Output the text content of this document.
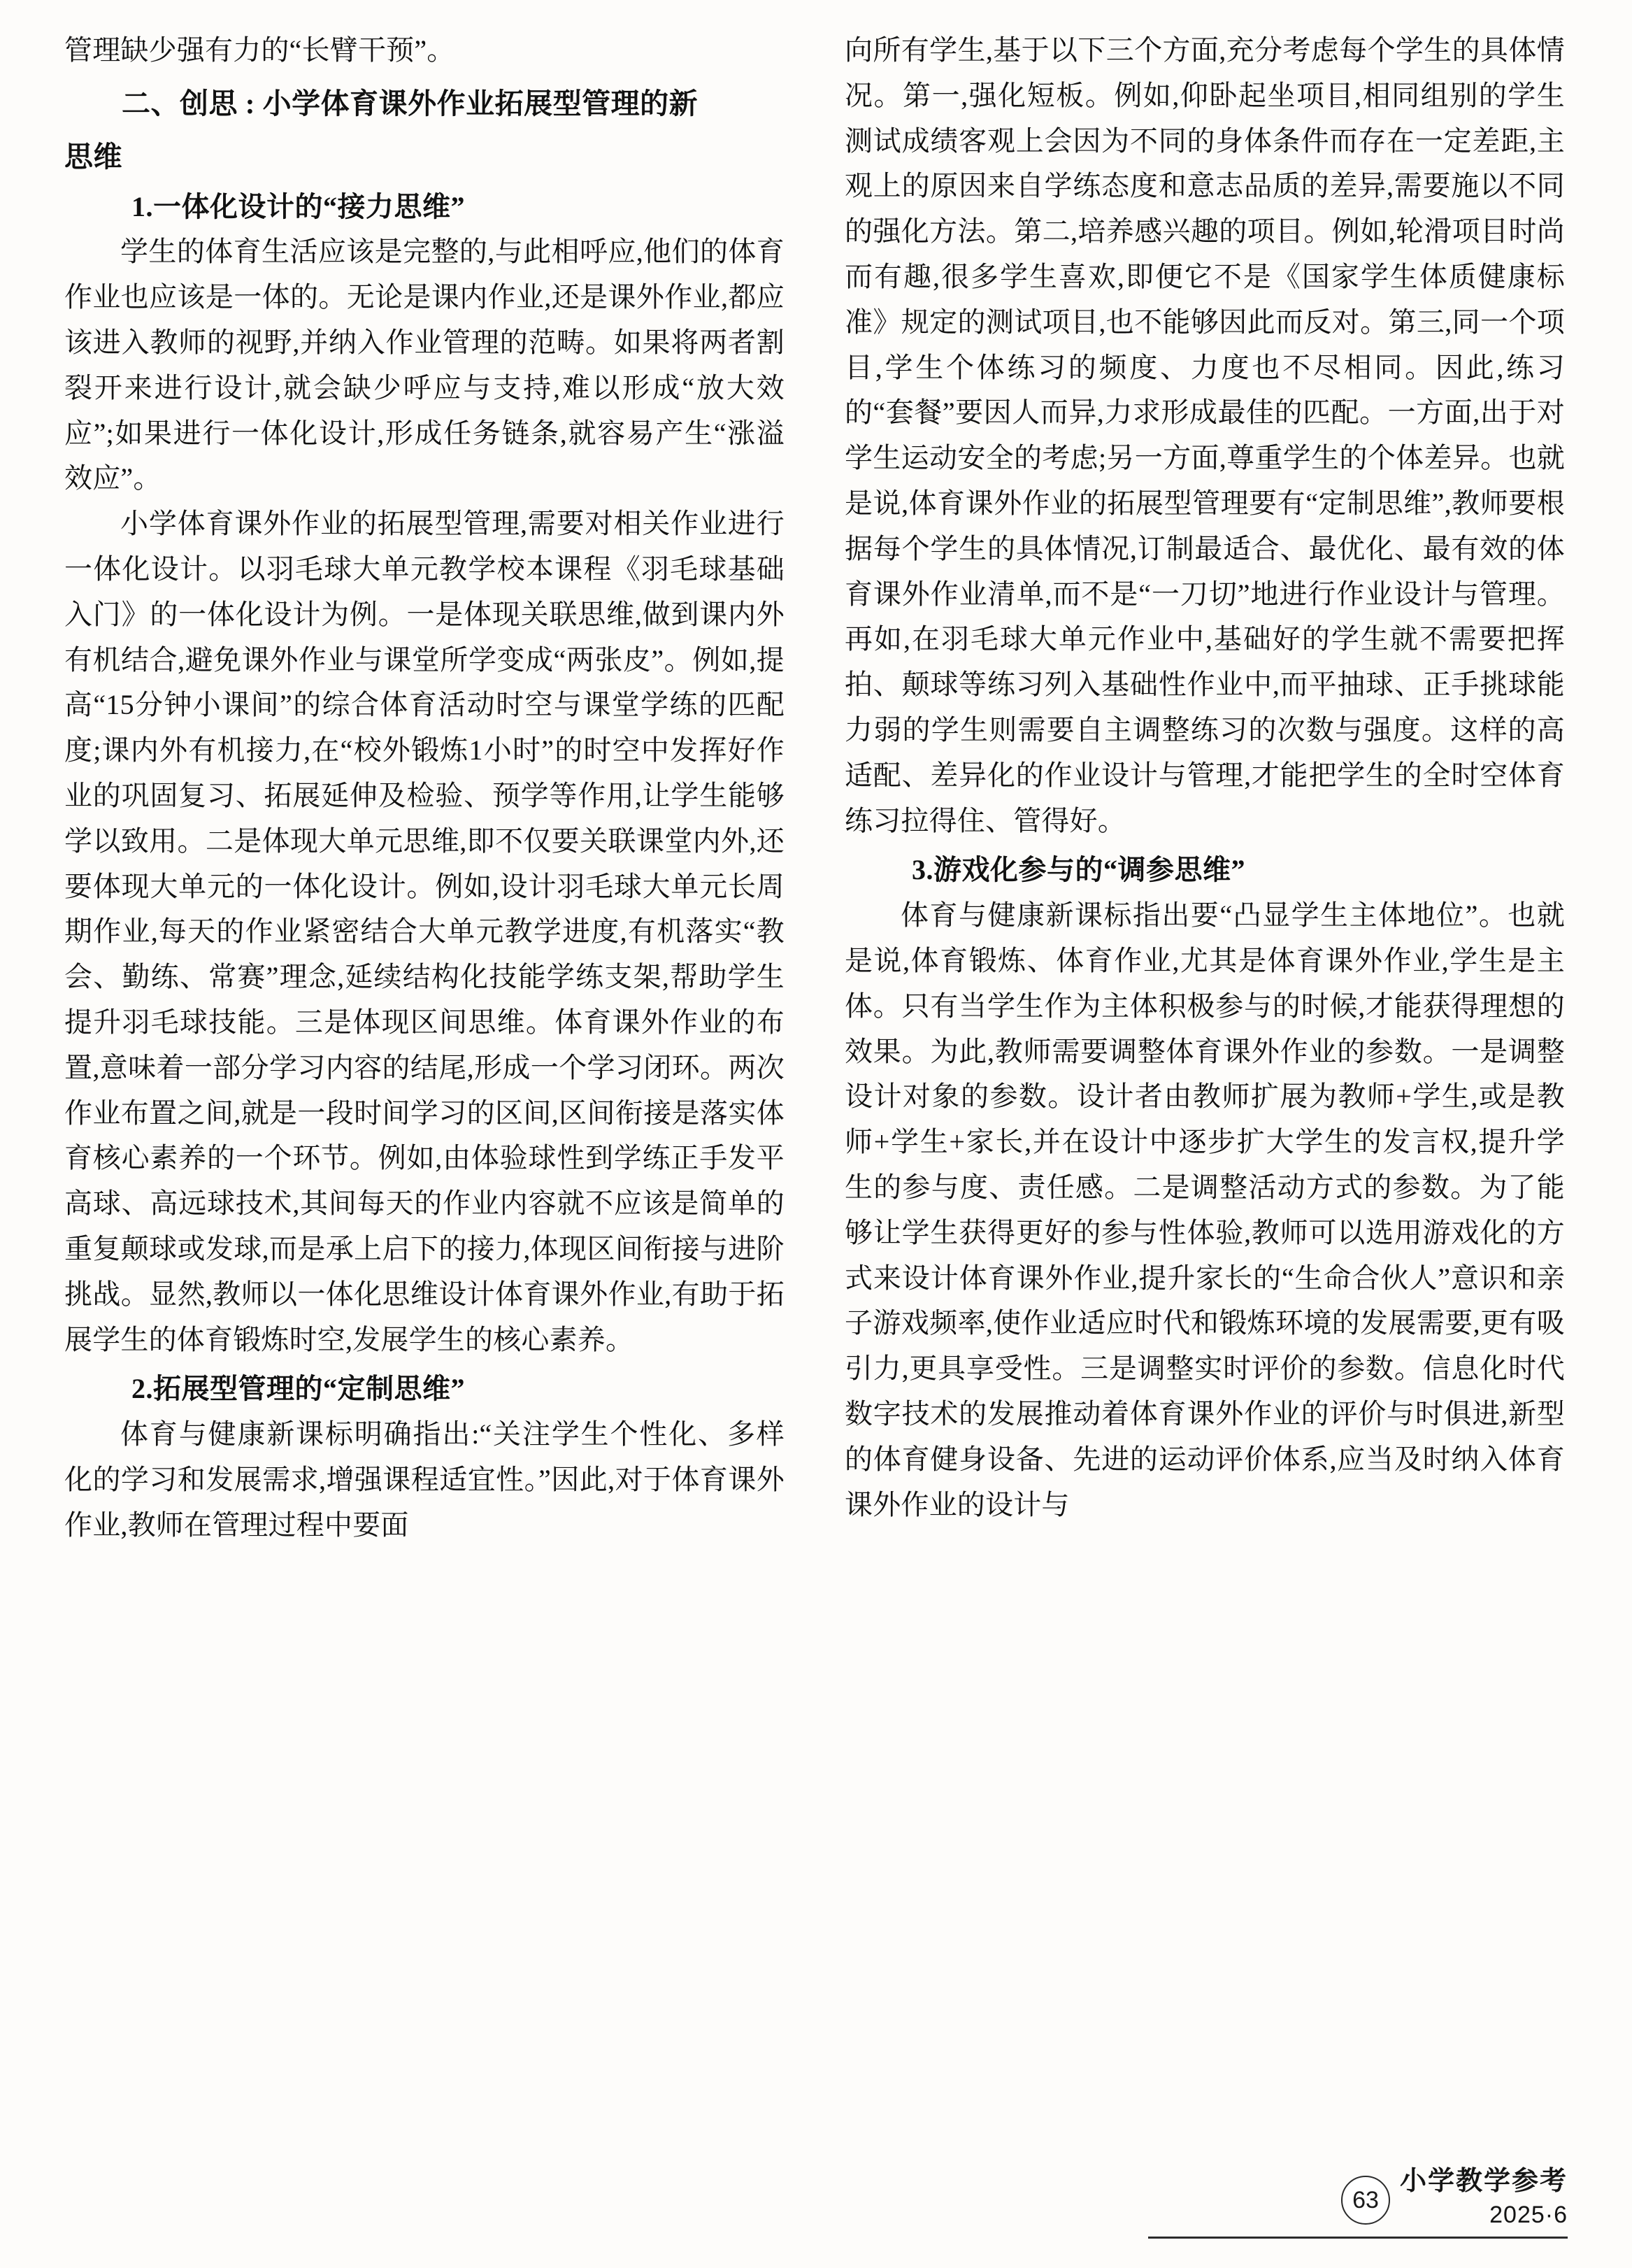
管理缺少强有力的“长臂干预”。

二、创思 : 小学体育课外作业拓展型管理的新
思维
1.一体化设计的“接力思维”

学生的体育生活应该是完整的,与此相呼应,他们的体育作业也应该是一体的。无论是课内作业,还是课外作业,都应该进入教师的视野,并纳入作业管理的范畴。如果将两者割裂开来进行设计,就会缺少呼应与支持,难以形成“放大效应”;如果进行一体化设计,形成任务链条,就容易产生“涨溢效应”。

小学体育课外作业的拓展型管理,需要对相关作业进行一体化设计。以羽毛球大单元教学校本课程《羽毛球基础入门》的一体化设计为例。一是体现关联思维,做到课内外有机结合,避免课外作业与课堂所学变成“两张皮”。例如,提高“15分钟小课间”的综合体育活动时空与课堂学练的匹配度;课内外有机接力,在“校外锻炼1小时”的时空中发挥好作业的巩固复习、拓展延伸及检验、预学等作用,让学生能够学以致用。二是体现大单元思维,即不仅要关联课堂内外,还要体现大单元的一体化设计。例如,设计羽毛球大单元长周期作业,每天的作业紧密结合大单元教学进度,有机落实“教会、勤练、常赛”理念,延续结构化技能学练支架,帮助学生提升羽毛球技能。三是体现区间思维。体育课外作业的布置,意味着一部分学习内容的结尾,形成一个学习闭环。两次作业布置之间,就是一段时间学习的区间,区间衔接是落实体育核心素养的一个环节。例如,由体验球性到学练正手发平高球、高远球技术,其间每天的作业内容就不应该是简单的重复颠球或发球,而是承上启下的接力,体现区间衔接与进阶挑战。显然,教师以一体化思维设计体育课外作业,有助于拓展学生的体育锻炼时空,发展学生的核心素养。

2.拓展型管理的“定制思维”

体育与健康新课标明确指出:“关注学生个性化、多样化的学习和发展需求,增强课程适宜性。”因此,对于体育课外作业,教师在管理过程中要面

向所有学生,基于以下三个方面,充分考虑每个学生的具体情况。第一,强化短板。例如,仰卧起坐项目,相同组别的学生测试成绩客观上会因为不同的身体条件而存在一定差距,主观上的原因来自学练态度和意志品质的差异,需要施以不同的强化方法。第二,培养感兴趣的项目。例如,轮滑项目时尚而有趣,很多学生喜欢,即便它不是《国家学生体质健康标准》规定的测试项目,也不能够因此而反对。第三,同一个项目,学生个体练习的频度、力度也不尽相同。因此,练习的“套餐”要因人而异,力求形成最佳的匹配。一方面,出于对学生运动安全的考虑;另一方面,尊重学生的个体差异。也就是说,体育课外作业的拓展型管理要有“定制思维”,教师要根据每个学生的具体情况,订制最适合、最优化、最有效的体育课外作业清单,而不是“一刀切”地进行作业设计与管理。再如,在羽毛球大单元作业中,基础好的学生就不需要把挥拍、颠球等练习列入基础性作业中,而平抽球、正手挑球能力弱的学生则需要自主调整练习的次数与强度。这样的高适配、差异化的作业设计与管理,才能把学生的全时空体育练习拉得住、管得好。

3.游戏化参与的“调参思维”

体育与健康新课标指出要“凸显学生主体地位”。也就是说,体育锻炼、体育作业,尤其是体育课外作业,学生是主体。只有当学生作为主体积极参与的时候,才能获得理想的效果。为此,教师需要调整体育课外作业的参数。一是调整设计对象的参数。设计者由教师扩展为教师+学生,或是教师+学生+家长,并在设计中逐步扩大学生的发言权,提升学生的参与度、责任感。二是调整活动方式的参数。为了能够让学生获得更好的参与性体验,教师可以选用游戏化的方式来设计体育课外作业,提升家长的“生命合伙人”意识和亲子游戏频率,使作业适应时代和锻炼环境的发展需要,更有吸引力,更具享受性。三是调整实时评价的参数。信息化时代数字技术的发展推动着体育课外作业的评价与时俱进,新型的体育健身设备、先进的运动评价体系,应当及时纳入体育课外作业的设计与

63
小学教学参考
2025·6
